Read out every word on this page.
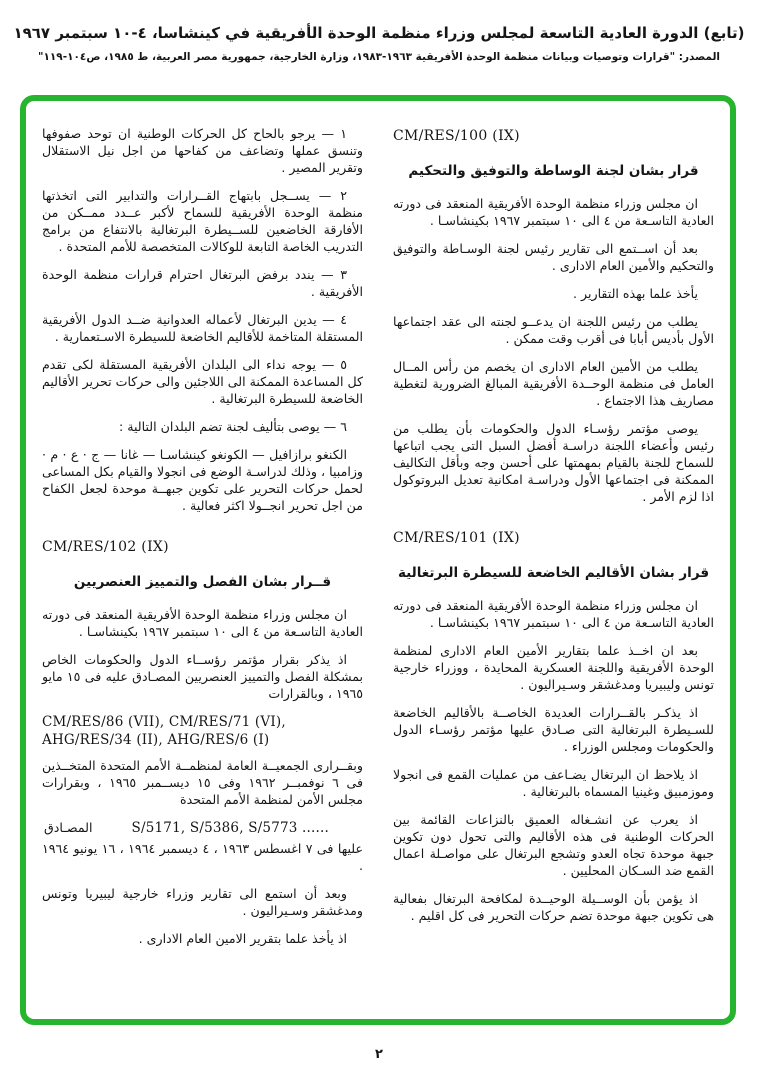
(تابع) الدورة العادية التاسعة لمجلس وزراء منظمة الوحدة الأفريقية في كينشاسا، ٤-١٠ سبتمبر ١٩٦٧
المصدر: "قرارات وتوصيات وبيانات منظمة الوحدة الأفريقية ١٩٦٣-١٩٨٣، وزارة الخارجية، جمهورية مصر العربية، ط ١٩٨٥، ص١٠٤-١١٩"
CM/RES/100 (IX)
قرار بشان لجنة الوساطة والتوفيق والتحكيم

ان مجلس وزراء منظمة الوحدة الأفريقية المنعقد فى دورته العادية التاسـعة من ٤ الى ١٠ سبتمبر ١٩٦٧ بكينشاسـا .

بعد أن اســتمع الى تقارير رئيس لجنة الوسـاطة والتوفيق والتحكيم والأمين العام الادارى .

يأخذ علما بهذه التقارير .

يطلب من رئيس اللجنة ان يدعــو لجنته الى عقد اجتماعها الأول بأديس أبابا فى أقرب وقت ممكن .

يطلب من الأمين العام الادارى ان يخصم من رأس المــال العامل فى منظمة الوحــدة الأفريقية المبالغ الضرورية لتغطية مصاريف هذا الاجتماع .

يوصى مؤتمر رؤسـاء الدول والحكومات بأن يطلب من رئيس وأعضاء اللجنة دراسـة أفضل السبل التى يجب اتباعها للسماح للجنة بالقيام بمهمتها على أحسن وجه وبأقل التكاليف الممكنة فى اجتماعها الأول ودراسـة امكانية تعديل البروتوكول اذا لزم الأمر .

CM/RES/101 (IX)
قرار بشان الأقاليم الخاضعة للسيطرة البرتغالية

ان مجلس وزراء منظمة الوحدة الأفريقية المنعقد فى دورته العادية التاسـعة من ٤ الى ١٠ سبتمبر ١٩٦٧ بكينشاسـا .

بعد ان اخــذ علما بتقارير الأمين العام الادارى لمنظمة الوحدة الأفريقية واللجنة العسكرية المحايدة ، ووزراء خارجية تونس وليبيريا ومدغشقر وسـيراليون .

اذ يذكـر بالقــرارات العديدة الخاصــة بالأقاليم الخاضعة للسـيطرة البرتغالية التى صـادق عليها مؤتمر رؤسـاء الدول والحكومات ومجلس الوزراء .

اذ يلاحظ ان البرتغال يضـاعف من عمليات القمع فى انجولا وموزمبيق وغينيا المسماه بالبرتغالية .

اذ يعرب عن انشـغاله العميق بالنزاعات القائمة بين الحركات الوطنية فى هذه الأقاليم والتى تحول دون تكوين جبهة موحدة تجاه العدو وتشجع البرتغال على مواصـلة اعمال القمع ضد السـكان المحليين .

اذ يؤمن بأن الوســيلة الوحيــدة لمكافحة البرتغال بفعالية هى تكوين جبهة موحدة تضم حركات التحرير فى كل اقليم .

١ — يرجو بالحاح كل الحركات الوطنية ان توحد صفوفها وتنسق عملها وتضاعف من كفاحها من اجل نيل الاستقلال وتقرير المصير .

٢ — يســجل بابتهاج القــرارات والتدابير التى اتخذتها منظمة الوحدة الأفريقية للسماح لأكبر عــدد ممــكن من الأفارقة الخاضعين للســيطرة البرتغالية بالانتفاع من برامج التدريب الخاصة التابعة للوكالات المتخصصة للأمم المتحدة .

٣ — يندد برفض البرتغال احترام قرارات منظمة الوحدة الأفريقية .

٤ — يدين البرتغال لأعماله العدوانية ضــد الدول الأفريقية المستقلة المتاخمة للأقاليم الخاضعة للسيطرة الاسـتعمارية .

٥ — يوجه نداء الى البلدان الأفريقية المستقلة لكى تقدم كل المساعدة الممكنة الى اللاجئين والى حركات تحرير الأقاليم الخاضعة للسيطرة البرتغالية .

٦ — يوصى بتأليف لجنة تضم البلدان التالية :

الكنغو برازافيل — الكونغو كينشاسـا — غانا — ج · ع · م · وزامبيا ، وذلك لدراسـة الوضع فى انجولا والقيام بكل المساعى لحمل حركات التحرير على تكوين جبهــة موحدة لجعل الكفاح من اجل تحرير انجــولا اكثر فعالية .

CM/RES/102 (IX)
قــرار بشان الفصل والتمييز العنصريين

ان مجلس وزراء منظمة الوحدة الأفريقية المنعقد فى دورته العادية التاسـعة من ٤ الى ١٠ سبتمبر ١٩٦٧ بكينشاسـا .

اذ يذكر بقرار مؤتمر رؤســاء الدول والحكومات الخاص بمشكلة الفصل والتمييز العنصريين المصـادق عليه فى ١٥ مايو ١٩٦٥ ، وبالقرارات

CM/RES/86 (VII), CM/RES/71 (VI), AHG/RES/34 (II), AHG/RES/6 (I)

وبقــرارى الجمعيــة العامة لمنظمــة الأمم المتحدة المتخــذين فى ٦ نوفمبــر ١٩٦٢ وفى ١٥ ديســمبر ١٩٦٥ ، وبقرارات مجلس الأمن لمنظمة الأمم المتحدة

المصـادق	S/5171, S/5386, S/5773 ......

عليها فى ٧ اغسطس ١٩٦٣ ، ٤ ديسمبر ١٩٦٤ ، ١٦ يونيو ١٩٦٤ .

وبعد أن استمع الى تقارير وزراء خارجية ليبيريا وتونس ومدغشقر وسـيراليون .

اذ يأخذ علما بتقرير الامين العام الادارى .

٢
